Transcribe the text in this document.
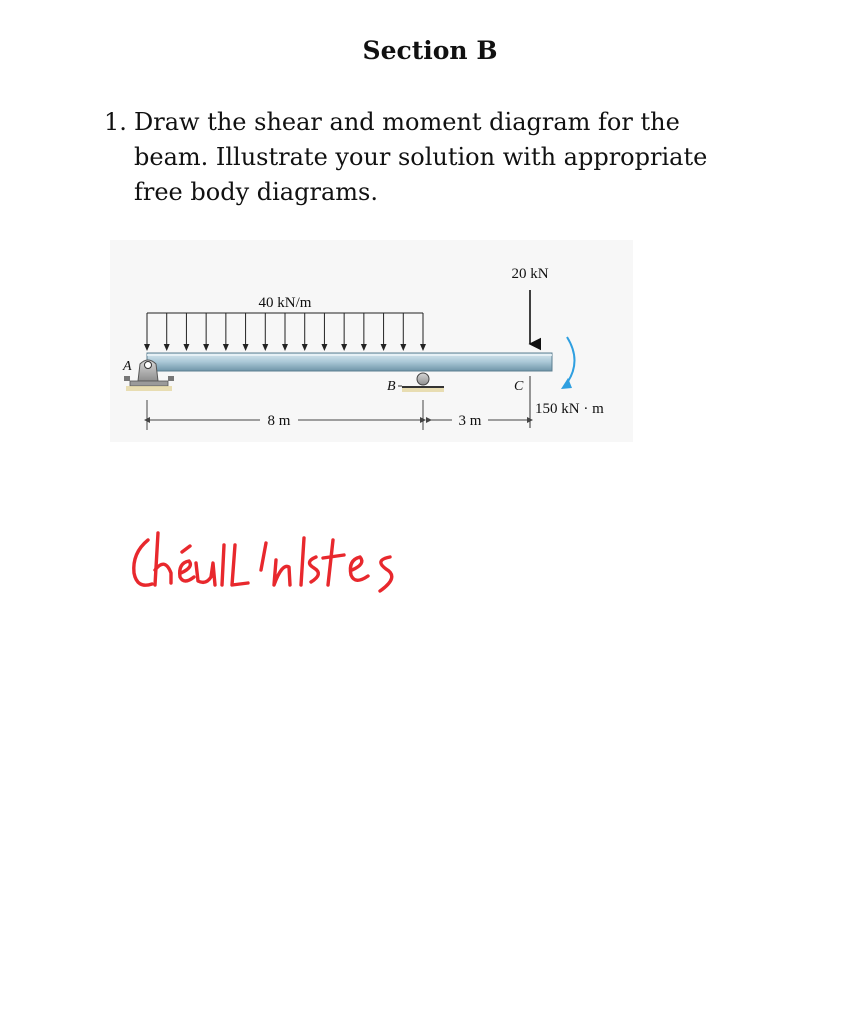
Section B
1. Draw the shear and moment diagram for the
beam. Illustrate your solution with appropriate
free body diagrams.
40 kN/m
A
B
20 kN
C
150 kN · m
8 m	3 m
